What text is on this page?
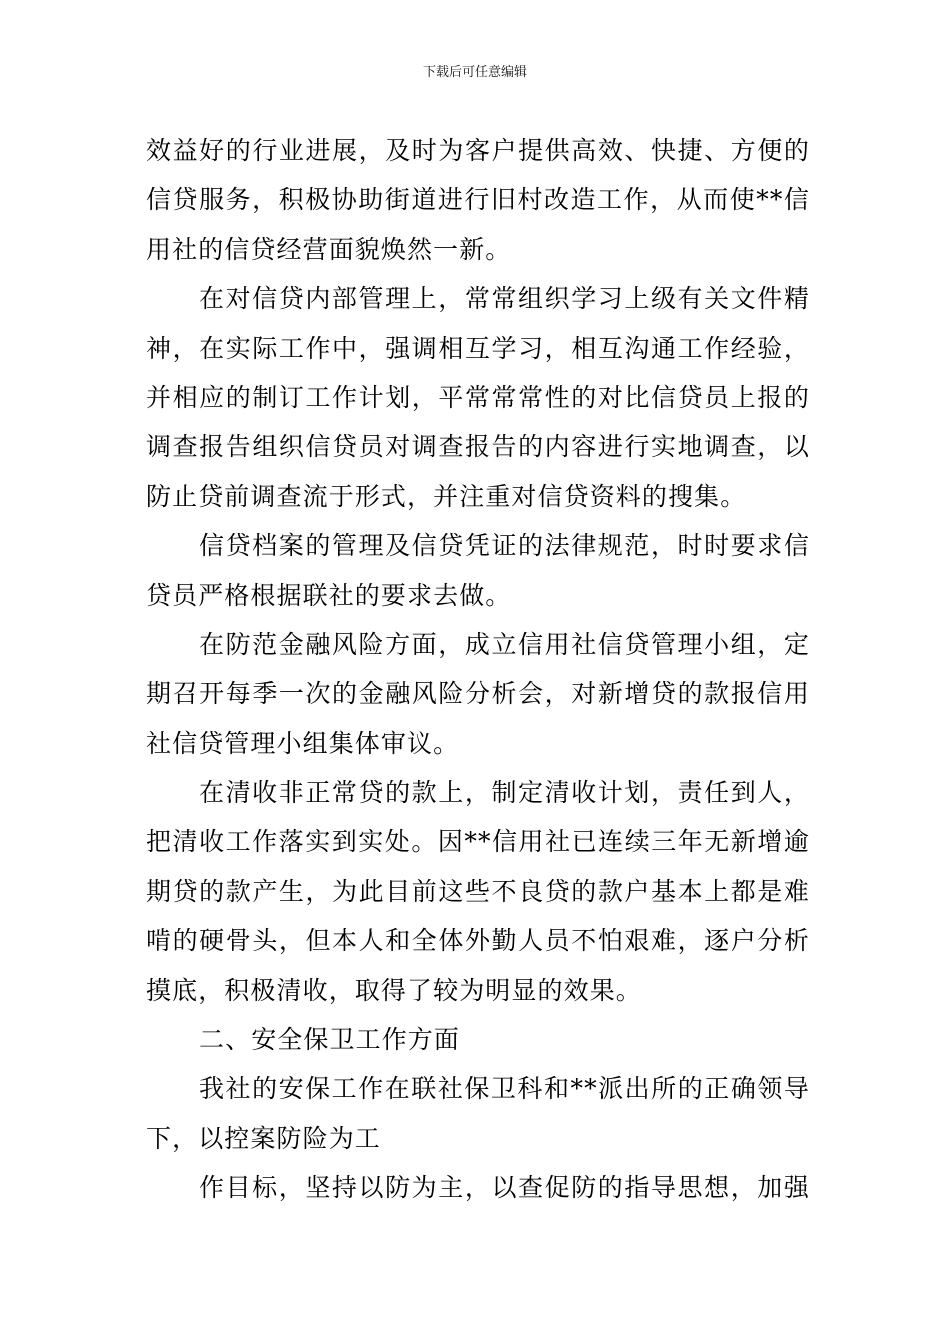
下载后可任意编辑
效益好的行业进展，及时为客户提供高效、快捷、方便的
信贷服务，积极协助街道进行旧村改造工作，从而使**信
用社的信贷经营面貌焕然一新。
在对信贷内部管理上，常常组织学习上级有关文件精
神，在实际工作中，强调相互学习，相互沟通工作经验，
并相应的制订工作计划，平常常常性的对比信贷员上报的
调查报告组织信贷员对调查报告的内容进行实地调查，以
防止贷前调查流于形式，并注重对信贷资料的搜集。
信贷档案的管理及信贷凭证的法律规范，时时要求信
贷员严格根据联社的要求去做。
在防范金融风险方面，成立信用社信贷管理小组，定
期召开每季一次的金融风险分析会，对新增贷的款报信用
社信贷管理小组集体审议。
在清收非正常贷的款上，制定清收计划，责任到人，
把清收工作落实到实处。因**信用社已连续三年无新增逾
期贷的款产生，为此目前这些不良贷的款户基本上都是难
啃的硬骨头，但本人和全体外勤人员不怕艰难，逐户分析
摸底，积极清收，取得了较为明显的效果。
二、安全保卫工作方面
我社的安保工作在联社保卫科和**派出所的正确领导
下，以控案防险为工
作目标，坚持以防为主，以查促防的指导思想，加强
